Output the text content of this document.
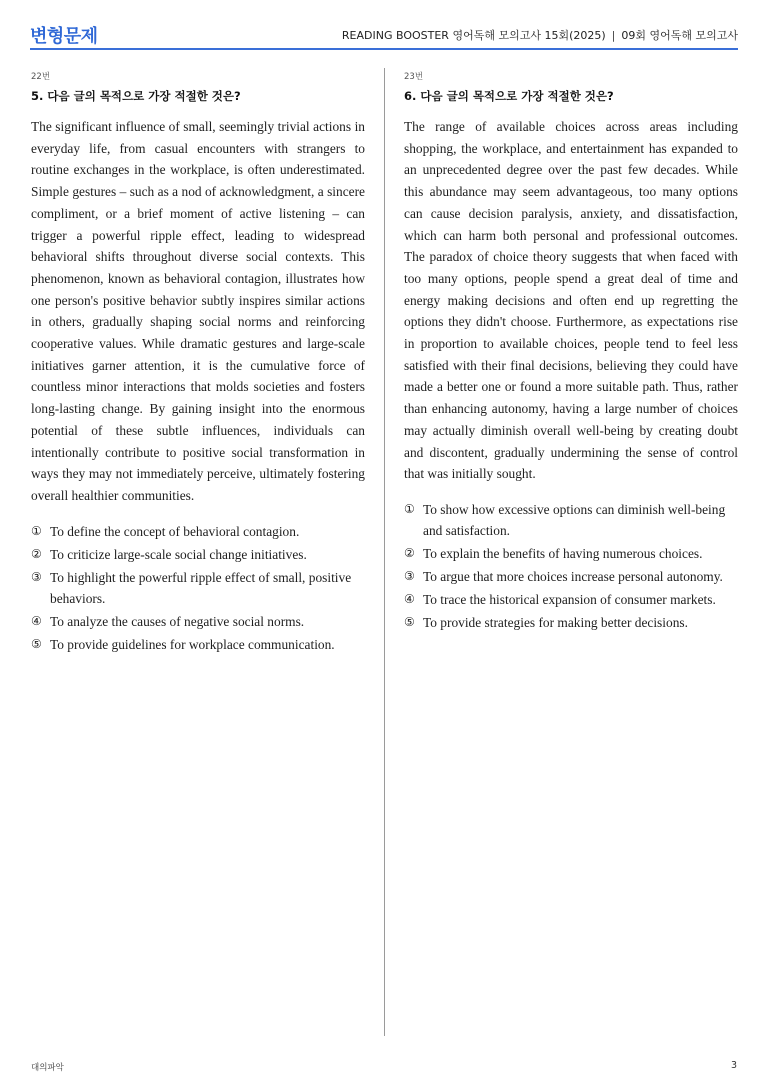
변형문제	READING BOOSTER 영어독해 모의고사 15회(2025) | 09회 영어독해 모의고사
22번
5. 다음 글의 목적으로 가장 적절한 것은?

The significant influence of small, seemingly trivial actions in everyday life, from casual encounters with strangers to routine exchanges in the workplace, is often underestimated. Simple gestures – such as a nod of acknowledgment, a sincere compliment, or a brief moment of active listening – can trigger a powerful ripple effect, leading to widespread behavioral shifts throughout diverse social contexts. This phenomenon, known as behavioral contagion, illustrates how one person's positive behavior subtly inspires similar actions in others, gradually shaping social norms and reinforcing cooperative values. While dramatic gestures and large-scale initiatives garner attention, it is the cumulative force of countless minor interactions that molds societies and fosters long-lasting change. By gaining insight into the enormous potential of these subtle influences, individuals can intentionally contribute to positive social transformation in ways they may not immediately perceive, ultimately fostering overall healthier communities.

① To define the concept of behavioral contagion.
② To criticize large-scale social change initiatives.
③ To highlight the powerful ripple effect of small, positive behaviors.
④ To analyze the causes of negative social norms.
⑤ To provide guidelines for workplace communication.
23번
6. 다음 글의 목적으로 가장 적절한 것은?

The range of available choices across areas including shopping, the workplace, and entertainment has expanded to an unprecedented degree over the past few decades. While this abundance may seem advantageous, too many options can cause decision paralysis, anxiety, and dissatisfaction, which can harm both personal and professional outcomes. The paradox of choice theory suggests that when faced with too many options, people spend a great deal of time and energy making decisions and often end up regretting the options they didn't choose. Furthermore, as expectations rise in proportion to available choices, people tend to feel less satisfied with their final decisions, believing they could have made a better one or found a more suitable path. Thus, rather than enhancing autonomy, having a large number of choices may actually diminish overall well-being by creating doubt and discontent, gradually undermining the sense of control that was initially sought.

① To show how excessive options can diminish well-being and satisfaction.
② To explain the benefits of having numerous choices.
③ To argue that more choices increase personal autonomy.
④ To trace the historical expansion of consumer markets.
⑤ To provide strategies for making better decisions.
대의파악	3
